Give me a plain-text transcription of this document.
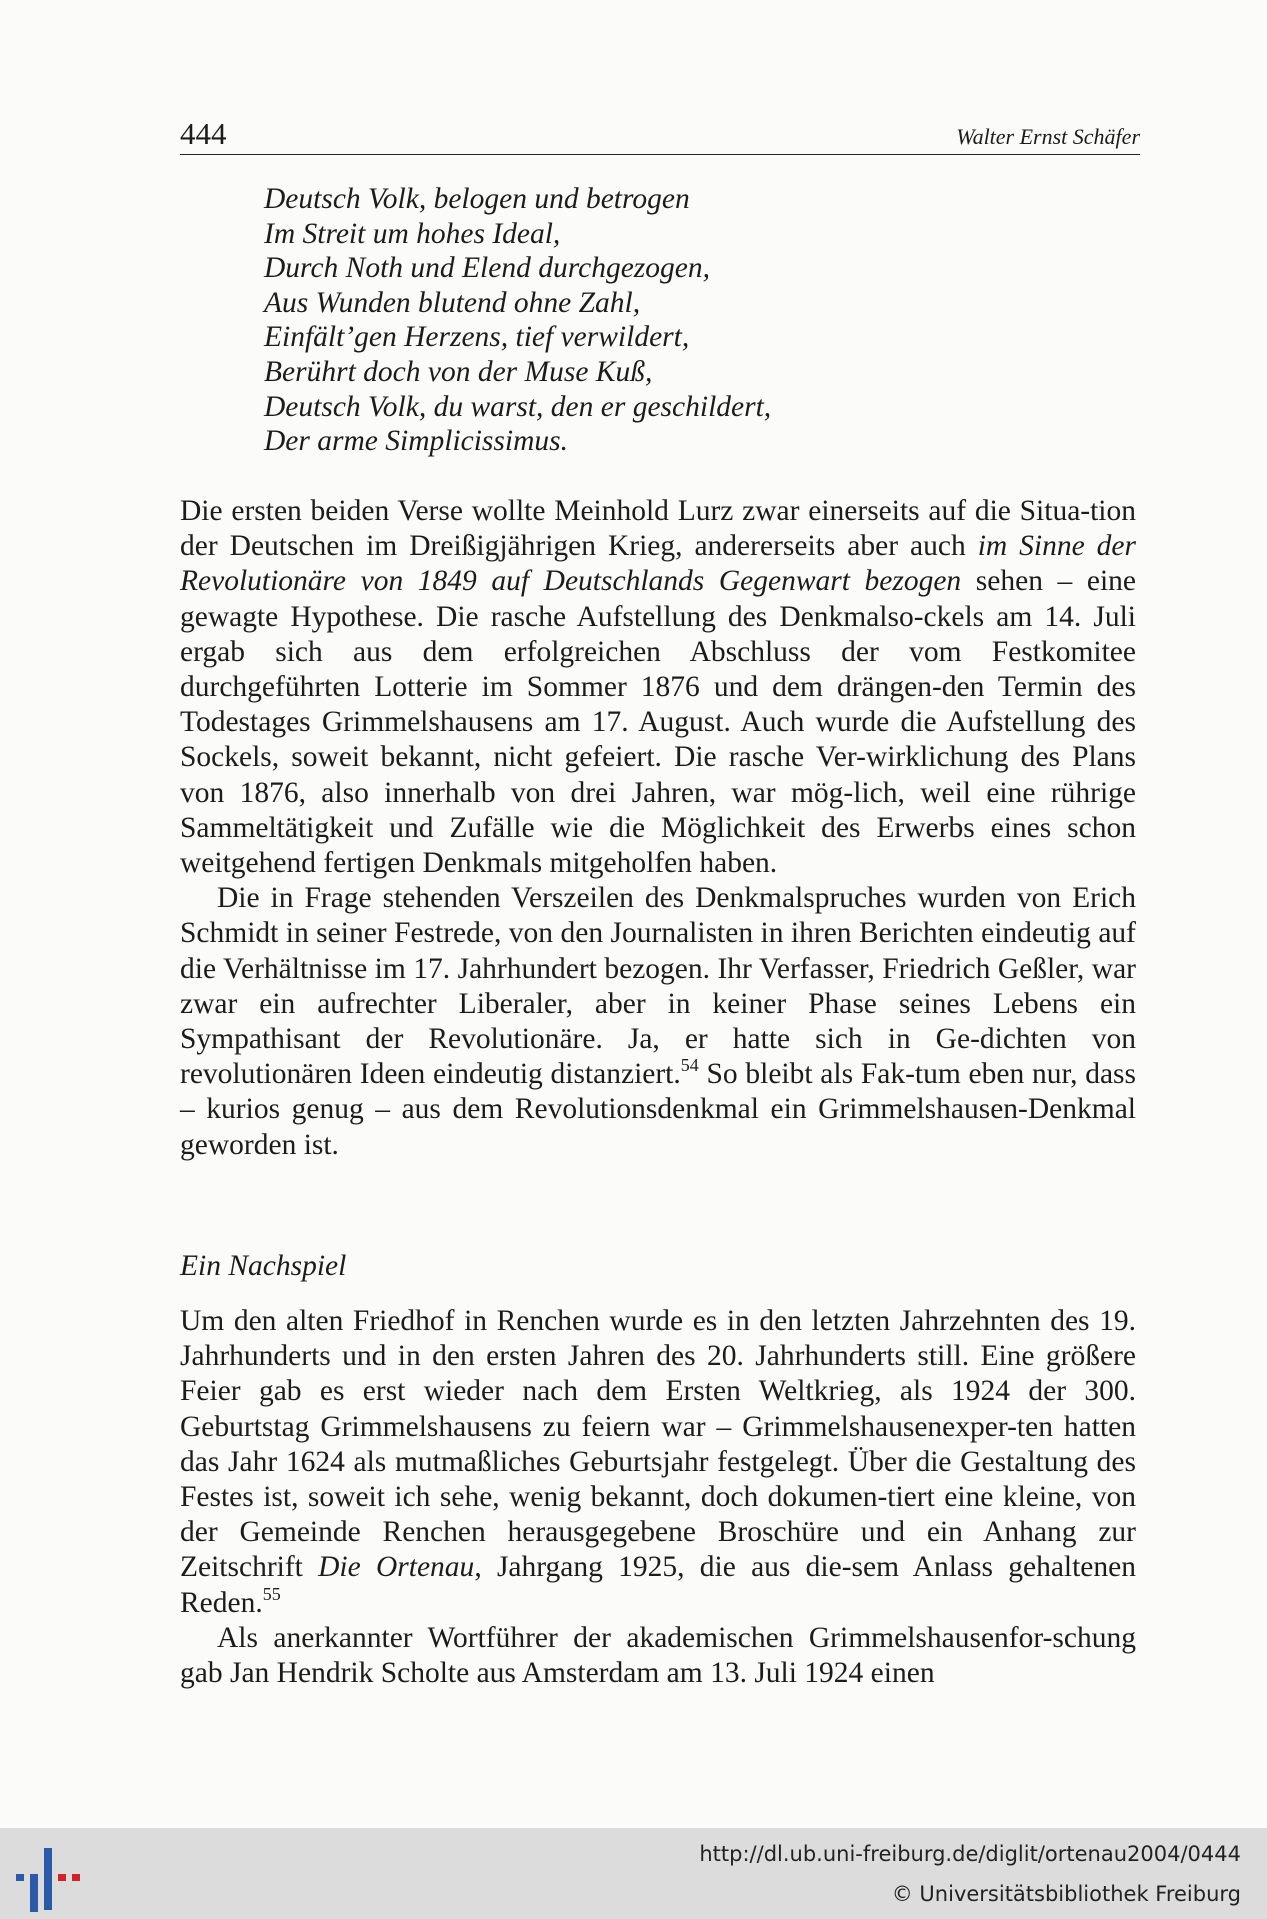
444	Walter Ernst Schäfer
Deutsch Volk, belogen und betrogen
Im Streit um hohes Ideal,
Durch Noth und Elend durchgezogen,
Aus Wunden blutend ohne Zahl,
Einfält’gen Herzens, tief verwildert,
Berührt doch von der Muse Kuß,
Deutsch Volk, du warst, den er geschildert,
Der arme Simplicissimus.

Die ersten beiden Verse wollte Meinhold Lurz zwar einerseits auf die Situa-tion der Deutschen im Dreißigjährigen Krieg, andererseits aber auch im Sinne der Revolutionäre von 1849 auf Deutschlands Gegenwart bezogen sehen – eine gewagte Hypothese. Die rasche Aufstellung des Denkmalso-ckels am 14. Juli ergab sich aus dem erfolgreichen Abschluss der vom Festkomitee durchgeführten Lotterie im Sommer 1876 und dem drängen-den Termin des Todestages Grimmelshausens am 17. August. Auch wurde die Aufstellung des Sockels, soweit bekannt, nicht gefeiert. Die rasche Ver-wirklichung des Plans von 1876, also innerhalb von drei Jahren, war mög-lich, weil eine rührige Sammeltätigkeit und Zufälle wie die Möglichkeit des Erwerbs eines schon weitgehend fertigen Denkmals mitgeholfen haben.

Die in Frage stehenden Verszeilen des Denkmalspruches wurden von Erich Schmidt in seiner Festrede, von den Journalisten in ihren Berichten eindeutig auf die Verhältnisse im 17. Jahrhundert bezogen. Ihr Verfasser, Friedrich Geßler, war zwar ein aufrechter Liberaler, aber in keiner Phase seines Lebens ein Sympathisant der Revolutionäre. Ja, er hatte sich in Ge-dichten von revolutionären Ideen eindeutig distanziert.$^{54}$ So bleibt als Fak-tum eben nur, dass – kurios genug – aus dem Revolutionsdenkmal ein Grimmelshausen-Denkmal geworden ist.

Ein Nachspiel

Um den alten Friedhof in Renchen wurde es in den letzten Jahrzehnten des 19. Jahrhunderts und in den ersten Jahren des 20. Jahrhunderts still. Eine größere Feier gab es erst wieder nach dem Ersten Weltkrieg, als 1924 der 300. Geburtstag Grimmelshausens zu feiern war – Grimmelshausenexper-ten hatten das Jahr 1624 als mutmaßliches Geburtsjahr festgelegt. Über die Gestaltung des Festes ist, soweit ich sehe, wenig bekannt, doch dokumen-tiert eine kleine, von der Gemeinde Renchen herausgegebene Broschüre und ein Anhang zur Zeitschrift Die Ortenau, Jahrgang 1925, die aus die-sem Anlass gehaltenen Reden.$^{55}$

Als anerkannter Wortführer der akademischen Grimmelshausenfor-schung gab Jan Hendrik Scholte aus Amsterdam am 13. Juli 1924 einen

http://dl.ub.uni-freiburg.de/diglit/ortenau2004/0444
© Universitätsbibliothek Freiburg
